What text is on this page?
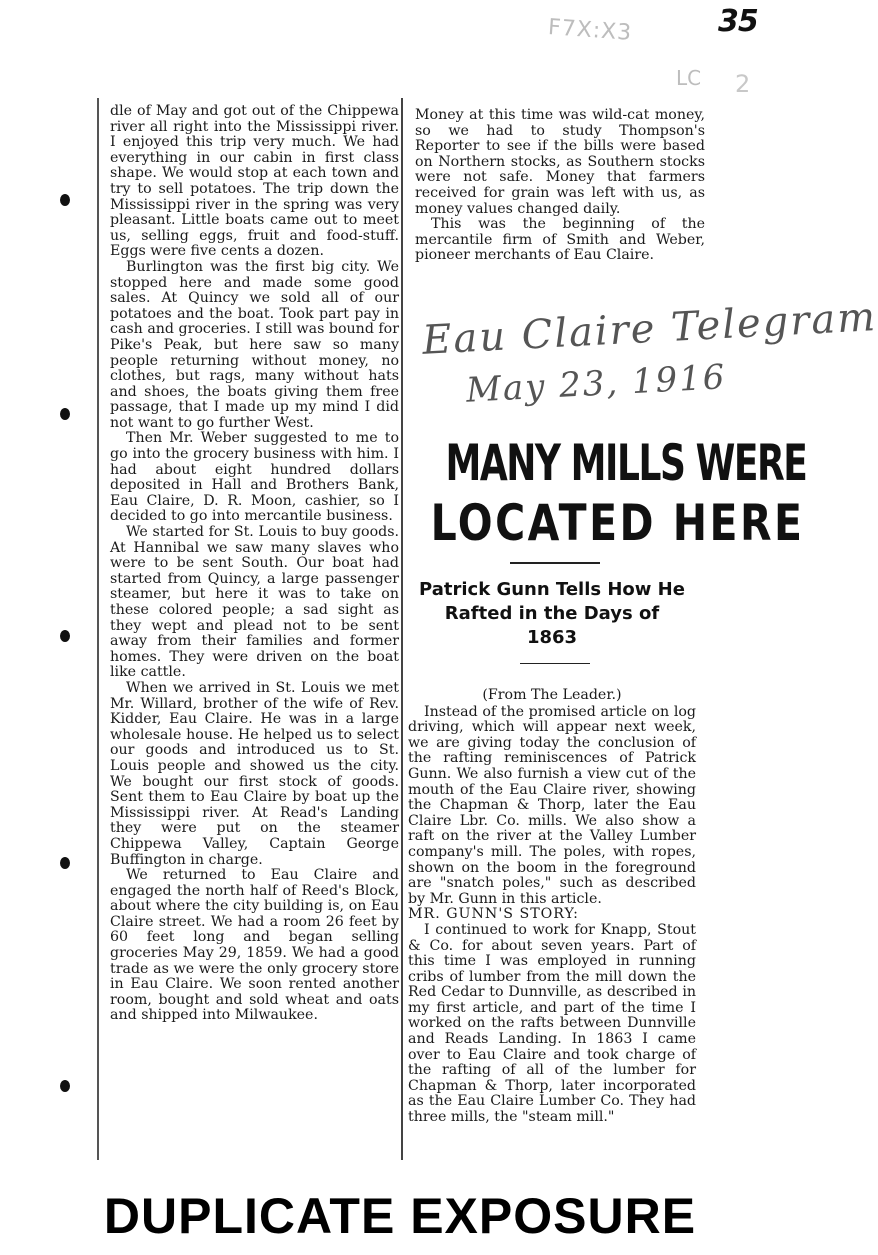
35
F7X:X3
LC 2

dle of May and got out of the Chippewa river all right into the Mississippi river. I enjoyed this trip very much. We had everything in our cabin in first class shape. We would stop at each town and try to sell potatoes. The trip down the Mississippi river in the spring was very pleasant. Little boats came out to meet us, selling eggs, fruit and food-stuff. Eggs were five cents a dozen.

Burlington was the first big city. We stopped here and made some good sales. At Quincy we sold all of our potatoes and the boat. Took part pay in cash and groceries. I still was bound for Pike's Peak, but here saw so many people returning without money, no clothes, but rags, many without hats and shoes, the boats giving them free passage, that I made up my mind I did not want to go further West.

Then Mr. Weber suggested to me to go into the grocery business with him. I had about eight hundred dollars deposited in Hall and Brothers Bank, Eau Claire, D. R. Moon, cashier, so I decided to go into mercantile business.

We started for St. Louis to buy goods. At Hannibal we saw many slaves who were to be sent South. Our boat had started from Quincy, a large passenger steamer, but here it was to take on these colored people; a sad sight as they wept and plead not to be sent away from their families and former homes. They were driven on the boat like cattle.

When we arrived in St. Louis we met Mr. Willard, brother of the wife of Rev. Kidder, Eau Claire. He was in a large wholesale house. He helped us to select our goods and introduced us to St. Louis people and showed us the city. We bought our first stock of goods. Sent them to Eau Claire by boat up the Mississippi river. At Read's Landing they were put on the steamer Chippewa Valley, Captain George Buffington in charge.

We returned to Eau Claire and engaged the north half of Reed's Block, about where the city building is, on Eau Claire street. We had a room 26 feet by 60 feet long and began selling groceries May 29, 1859. We had a good trade as we were the only grocery store in Eau Claire. We soon rented another room, bought and sold wheat and oats and shipped into Milwaukee.

Money at this time was wild-cat money, so we had to study Thompson's Reporter to see if the bills were based on Northern stocks, as Southern stocks were not safe. Money that farmers received for grain was left with us, as money values changed daily.

This was the beginning of the mercantile firm of Smith and Weber, pioneer merchants of Eau Claire.

Eau Claire Telegram
May 23, 1916
MANY MILLS WERE
LOCATED HERE
Patrick Gunn Tells How He
Rafted in the Days of
1863

(From The Leader.)

Instead of the promised article on log driving, which will appear next week, we are giving today the conclusion of the rafting reminiscences of Patrick Gunn. We also furnish a view cut of the mouth of the Eau Claire river, showing the Chapman & Thorp, later the Eau Claire Lbr. Co. mills. We also show a raft on the river at the Valley Lumber company's mill. The poles, with ropes, shown on the boom in the foreground are "snatch poles," such as described by Mr. Gunn in this article.

MR. GUNN'S STORY:

I continued to work for Knapp, Stout & Co. for about seven years. Part of this time I was employed in running cribs of lumber from the mill down the Red Cedar to Dunnville, as described in my first article, and part of the time I worked on the rafts between Dunnville and Reads Landing. In 1863 I came over to Eau Claire and took charge of the rafting of all of the lumber for Chapman & Thorp, later incorporated as the Eau Claire Lumber Co. They had three mills, the "steam mill."

DUPLICATE EXPOSURE
